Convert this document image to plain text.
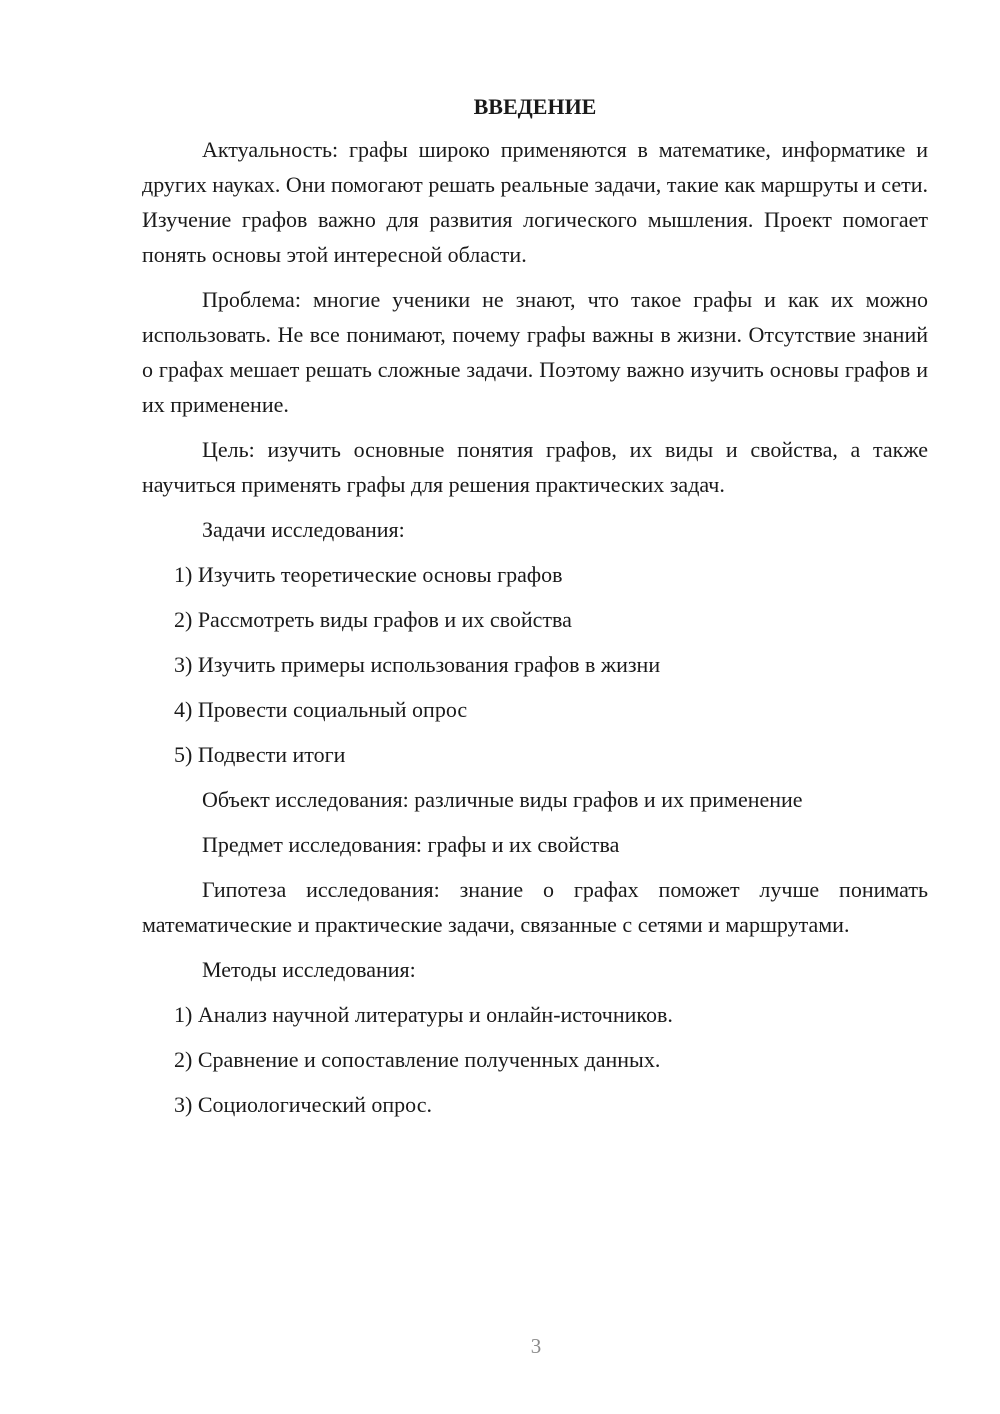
ВВЕДЕНИЕ

Актуальность: графы широко применяются в математике, информатике и других науках. Они помогают решать реальные задачи, такие как маршруты и сети. Изучение графов важно для развития логического мышления. Проект помогает понять основы этой интересной области.

Проблема: многие ученики не знают, что такое графы и как их можно использовать. Не все понимают, почему графы важны в жизни. Отсутствие знаний о графах мешает решать сложные задачи. Поэтому важно изучить основы графов и их применение.

Цель: изучить основные понятия графов, их виды и свойства, а также научиться применять графы для решения практических задач.

Задачи исследования:
1) Изучить теоретические основы графов
2) Рассмотреть виды графов и их свойства
3) Изучить примеры использования графов в жизни
4) Провести социальный опрос
5) Подвести итоги
Объект исследования: различные виды графов и их применение
Предмет исследования: графы и их свойства

Гипотеза исследования: знание о графах поможет лучше понимать математические и практические задачи, связанные с сетями и маршрутами.

Методы исследования:
1) Анализ научной литературы и онлайн-источников.
2) Сравнение и сопоставление полученных данных.
3) Социологический опрос.
3
